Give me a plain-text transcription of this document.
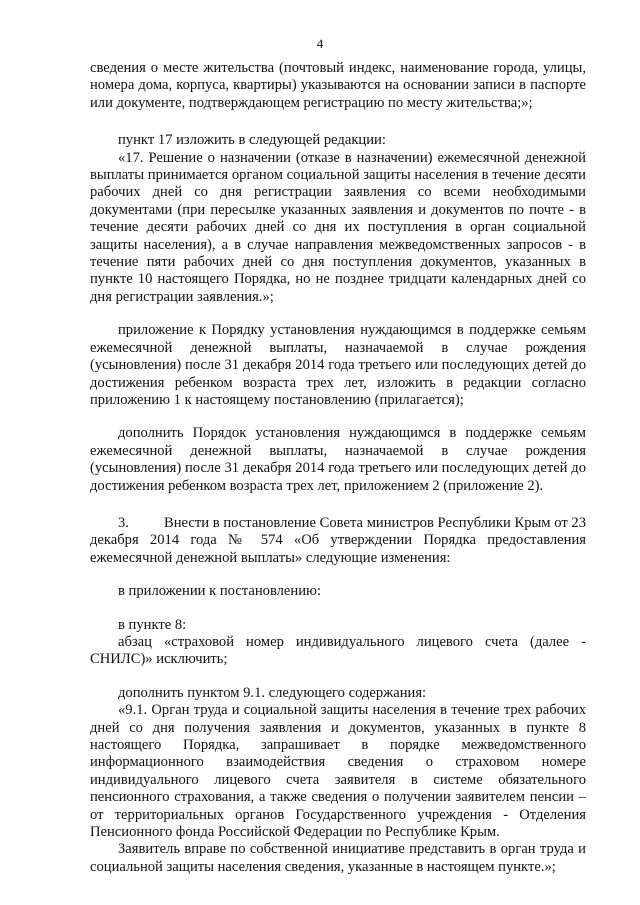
4

сведения о месте жительства (почтовый индекс, наименование города, улицы, номера дома, корпуса, квартиры) указываются на основании записи в паспорте или документе, подтверждающем регистрацию по месту жительства;»;

пункт 17 изложить в следующей редакции:

«17. Решение о назначении (отказе в назначении) ежемесячной денежной выплаты принимается органом социальной защиты населения в течение десяти рабочих дней со дня регистрации заявления со всеми необходимыми документами (при пересылке указанных заявления и документов по почте - в течение десяти рабочих дней со дня их поступления в орган социальной защиты населения), а в случае направления межведомственных запросов - в течение пяти рабочих дней со дня поступления документов, указанных в пункте 10 настоящего Порядка, но не позднее тридцати календарных дней со дня регистрации заявления.»;

приложение к Порядку установления нуждающимся в поддержке семьям ежемесячной денежной выплаты, назначаемой в случае рождения (усыновления) после 31 декабря 2014 года третьего или последующих детей до достижения ребенком возраста трех лет, изложить в редакции согласно приложению 1 к настоящему постановлению (прилагается);

дополнить Порядок установления нуждающимся в поддержке семьям ежемесячной денежной выплаты, назначаемой в случае рождения (усыновления) после 31 декабря 2014 года третьего или последующих детей до достижения ребенком возраста трех лет, приложением 2 (приложение 2).

3. Внести в постановление Совета министров Республики Крым от 23 декабря 2014 года № 574 «Об утверждении Порядка предоставления ежемесячной денежной выплаты» следующие изменения:

в приложении к постановлению:

в пункте 8:

абзац «страховой номер индивидуального лицевого счета (далее - СНИЛС)» исключить;

дополнить пунктом 9.1. следующего содержания:

«9.1. Орган труда и социальной защиты населения в течение трех рабочих дней со дня получения заявления и документов, указанных в пункте 8 настоящего Порядка, запрашивает в порядке межведомственного информационного взаимодействия сведения о страховом номере индивидуального лицевого счета заявителя в системе обязательного пенсионного страхования, а также сведения о получении заявителем пенсии – от территориальных органов Государственного учреждения - Отделения Пенсионного фонда Российской Федерации по Республике Крым.

Заявитель вправе по собственной инициативе представить в орган труда и социальной защиты населения сведения, указанные в настоящем пункте.»;
